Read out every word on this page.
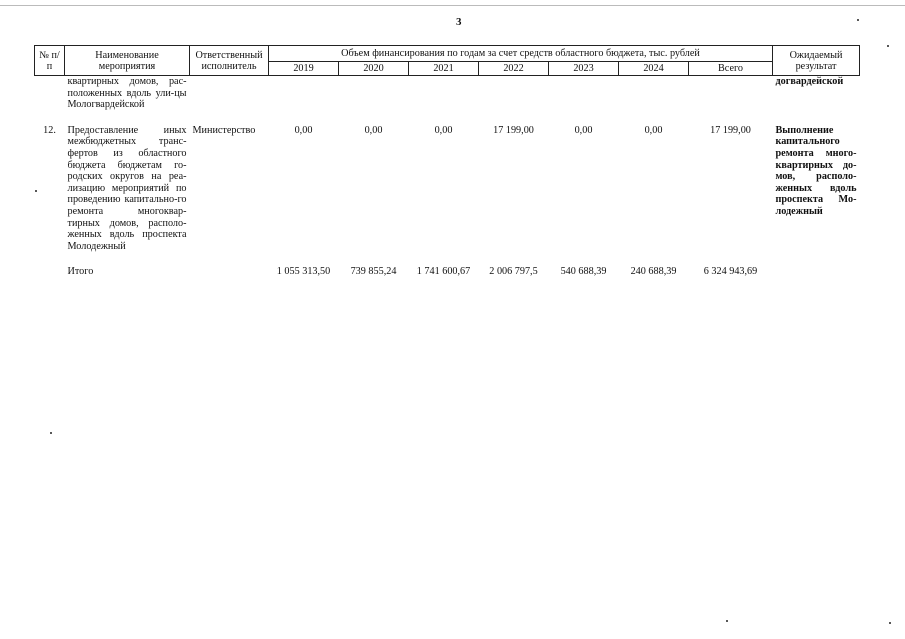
3
№ п/п	Наименование мероприятия	Ответственный исполнитель	Объем финансирования по годам за счет средств областного бюджета, тыс. рублей							Ожидаемый результат
			2019	2020	2021	2022	2023	2024	Всего	
	квартирных домов, рас-положенных вдоль ули-цы Мологвардейской									догвардейской

12.	Предоставление иных межбюджетных транс-фертов из областного бюджета бюджетам го-родских округов на реа-лизацию мероприятий по проведению капитально-го ремонта многоквар-тирных домов, располо-женных вдоль проспекта Молодежный	Министерство	0,00	0,00	0,00	17 199,00	0,00	0,00	17 199,00	Выполнение капитального ремонта много-квартирных до-мов, располо-женных вдоль проспекта Мо-лодежный

	Итого		1 055 313,50	739 855,24	1 741 600,67	2 006 797,5	540 688,39	240 688,39	6 324 943,69	
